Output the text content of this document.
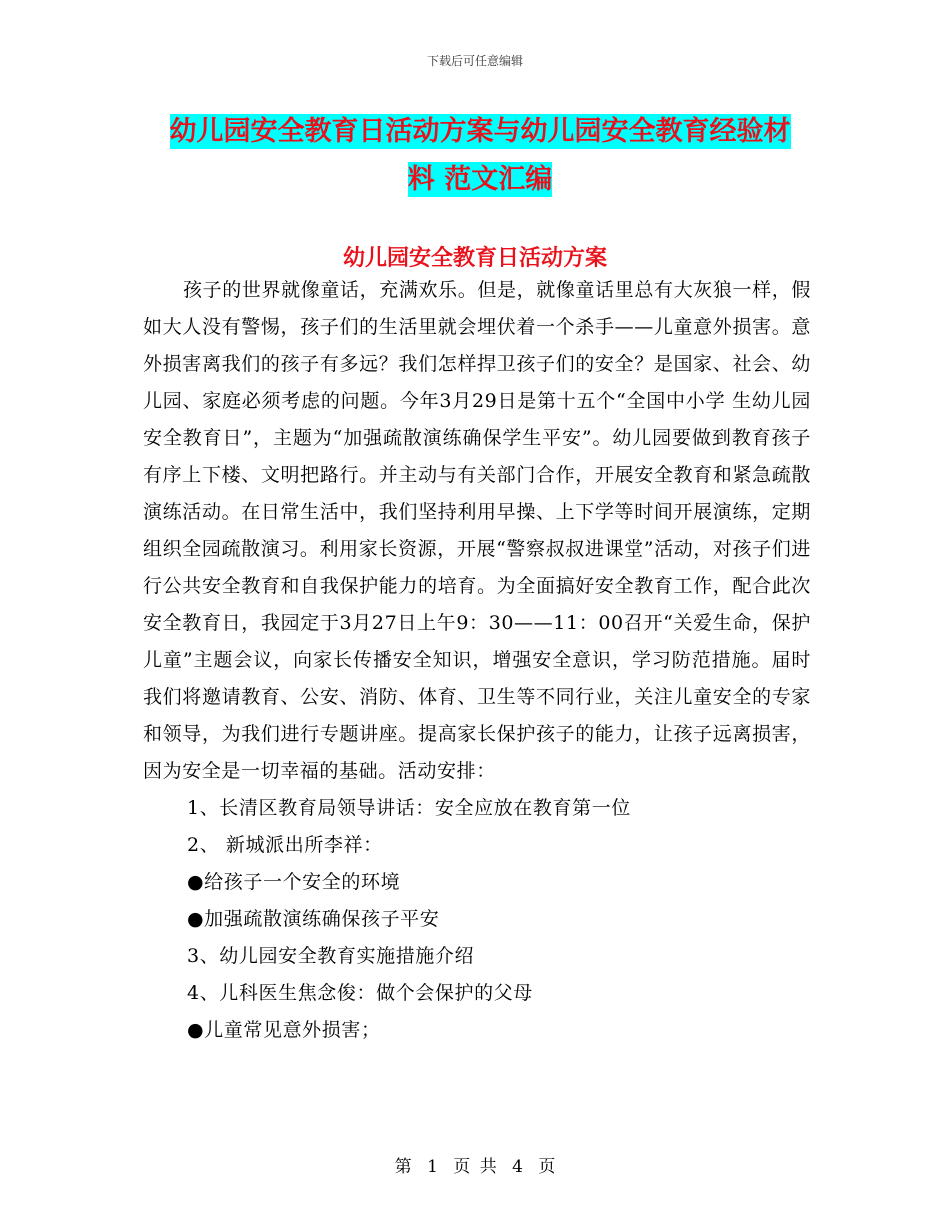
下载后可任意编辑
幼儿园安全教育日活动方案与幼儿园安全教育经验材
料 范文汇编
幼儿园安全教育日活动方案

孩子的世界就像童话，充满欢乐。但是，就像童话里总有大灰狼一样，假如大人没有警惕，孩子们的生活里就会埋伏着一个杀手——儿童意外损害。意外损害离我们的孩子有多远？我们怎样捍卫孩子们的安全？是国家、社会、幼儿园、家庭必须考虑的问题。今年3月29日是第十五个“全国中小学 生幼儿园安全教育日”，主题为“加强疏散演练确保学生平安”。幼儿园要做到教育孩子有序上下楼、文明把路行。并主动与有关部门合作，开展安全教育和紧急疏散演练活动。在日常生活中，我们坚持利用早操、上下学等时间开展演练，定期组织全园疏散演习。利用家长资源，开展“警察叔叔进课堂”活动，对孩子们进行公共安全教育和自我保护能力的培育。为全面搞好安全教育工作，配合此次安全教育日，我园定于3月27日上午9：30——11：00召开“关爱生命，保护儿童”主题会议，向家长传播安全知识，增强安全意识，学习防范措施。届时我们将邀请教育、公安、消防、体育、卫生等不同行业，关注儿童安全的专家和领导，为我们进行专题讲座。提高家长保护孩子的能力，让孩子远离损害，因为安全是一切幸福的基础。活动安排：

1、长清区教育局领导讲话：安全应放在教育第一位

2、 新城派出所李祥：

●给孩子一个安全的环境

●加强疏散演练确保孩子平安

3、幼儿园安全教育实施措施介绍

4、儿科医生焦念俊：做个会保护的父母

●儿童常见意外损害；

第 1 页 共 4 页
